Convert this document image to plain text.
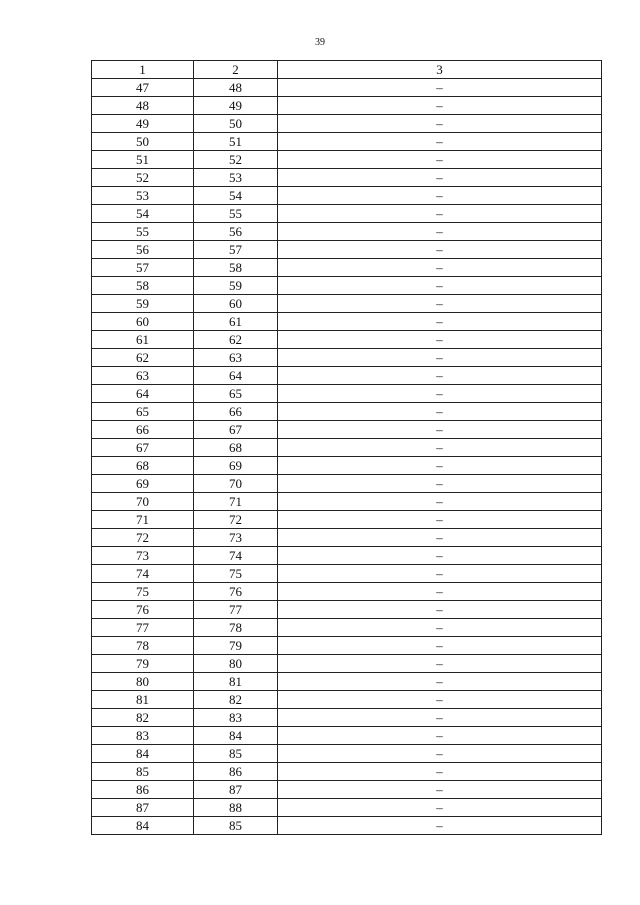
39
1	2	3
47	48	–
48	49	–
49	50	–
50	51	–
51	52	–
52	53	–
53	54	–
54	55	–
55	56	–
56	57	–
57	58	–
58	59	–
59	60	–
60	61	–
61	62	–
62	63	–
63	64	–
64	65	–
65	66	–
66	67	–
67	68	–
68	69	–
69	70	–
70	71	–
71	72	–
72	73	–
73	74	–
74	75	–
75	76	–
76	77	–
77	78	–
78	79	–
79	80	–
80	81	–
81	82	–
82	83	–
83	84	–
84	85	–
85	86	–
86	87	–
87	88	–
84	85	–
